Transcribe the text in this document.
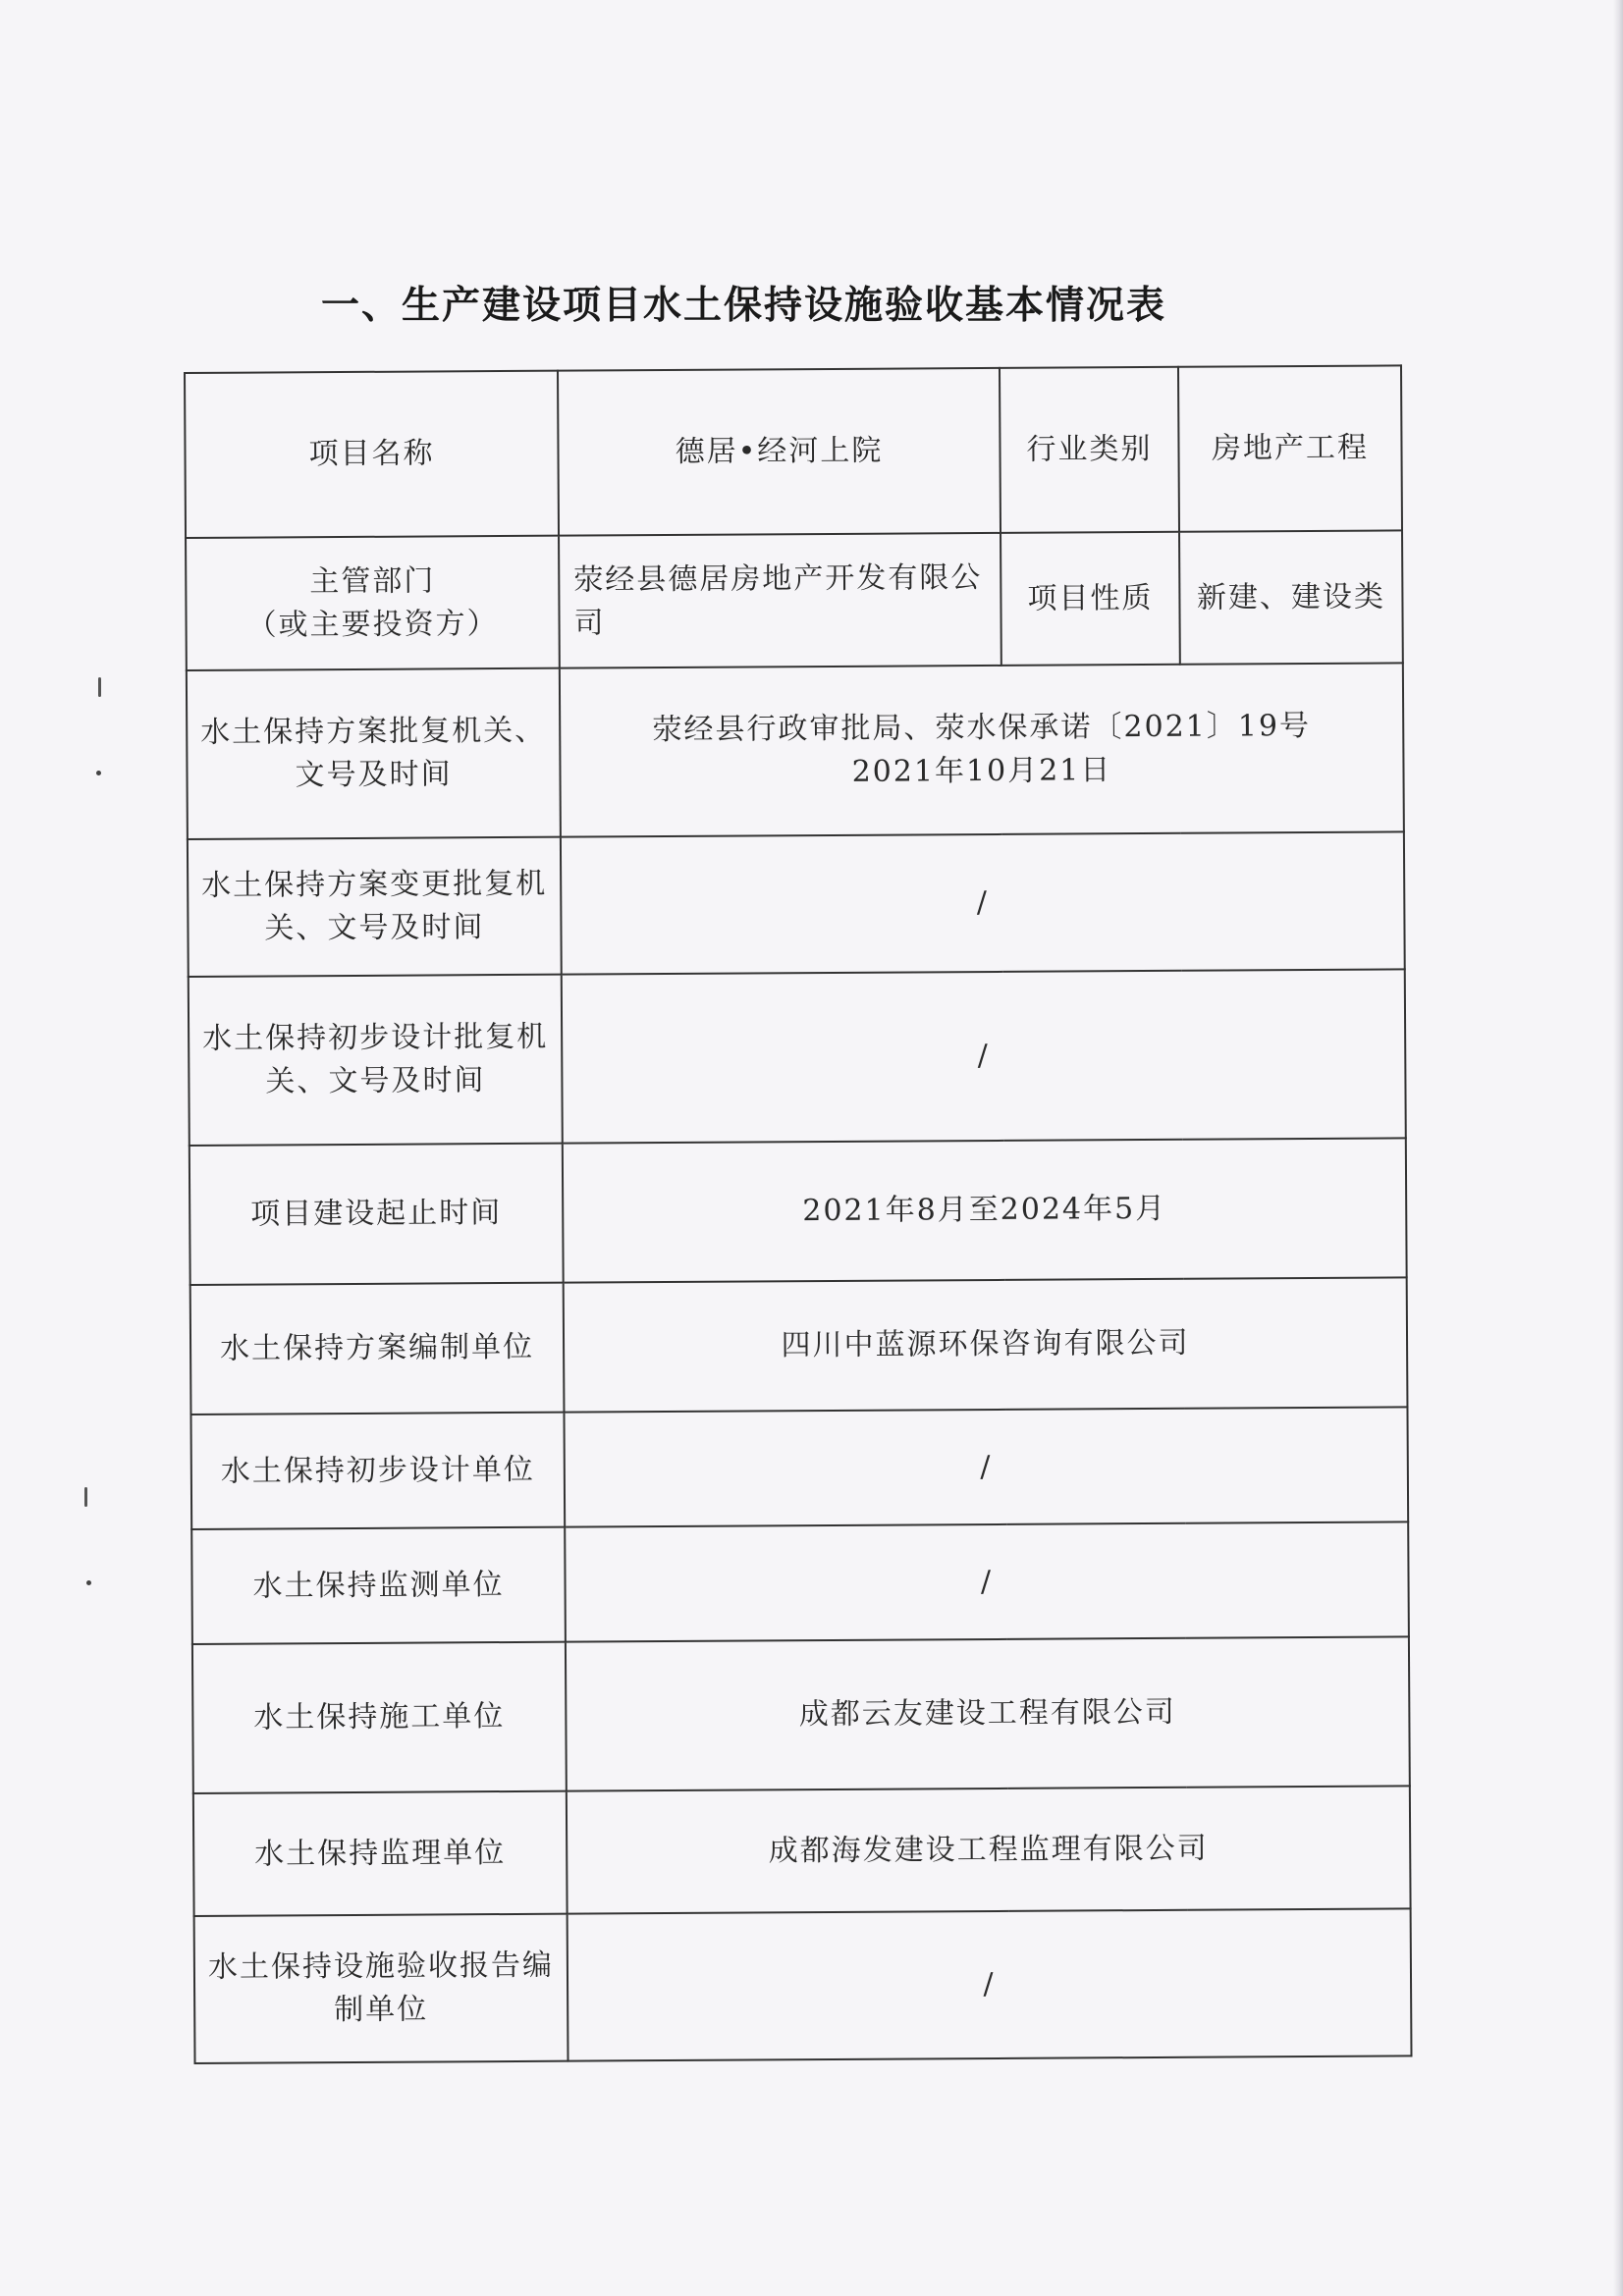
一、生产建设项目水土保持设施验收基本情况表
项目名称	德居•经河上院	行业类别	房地产工程

主管部门
（或主要投资方）	荥经县德居房地产开发有限公司	项目性质	新建、建设类
水土保持方案批复机关、文号及时间	荥经县行政审批局、荥水保承诺〔2021〕19号
2021年10月21日		

水土保持方案变更批复机关、文号及时间	/		
水土保持初步设计批复机关、文号及时间	/		
项目建设起止时间	2021年8月至2024年5月		
水土保持方案编制单位	四川中蓝源环保咨询有限公司		
水土保持初步设计单位	/		
水土保持监测单位	/		
水土保持施工单位	成都云友建设工程有限公司		
水土保持监理单位	成都海发建设工程监理有限公司		
水土保持设施验收报告编制单位	/		
